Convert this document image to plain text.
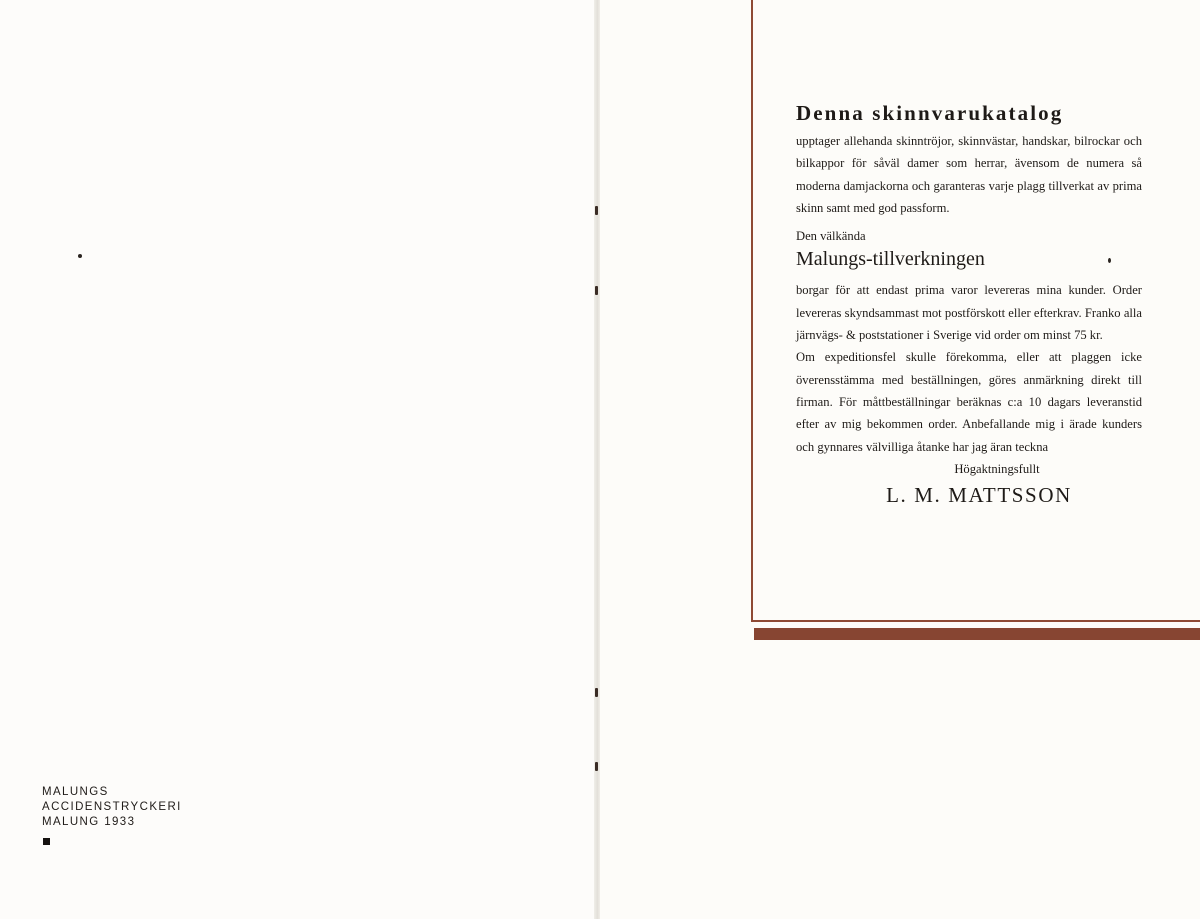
MALUNGS
ACCIDENSTRYCKERI
MALUNG 1933
Denna skinnvarukatalog

upptager allehanda skinntröjor, skinnvästar, handskar, bilrockar och bilkappor för såväl damer som herrar, ävensom de numera så moderna damjackorna och garanteras varje plagg tillverkat av prima skinn samt med god passform.

Den välkända

Malungs-tillverkningen

borgar för att endast prima varor levereras mina kunder. Order levereras skyndsammast mot postförskott eller efterkrav. Franko alla järnvägs- & poststationer i Sverige vid order om minst 75 kr.

Om expeditionsfel skulle förekomma, eller att plaggen icke överensstämma med beställningen, göres anmärkning direkt till firman. För måttbeställningar beräknas c:a 10 dagars leveranstid efter av mig bekommen order. Anbefallande mig i ärade kunders och gynnares välvilliga åtanke har jag äran teckna

Högaktningsfullt

L. M. MATTSSON
